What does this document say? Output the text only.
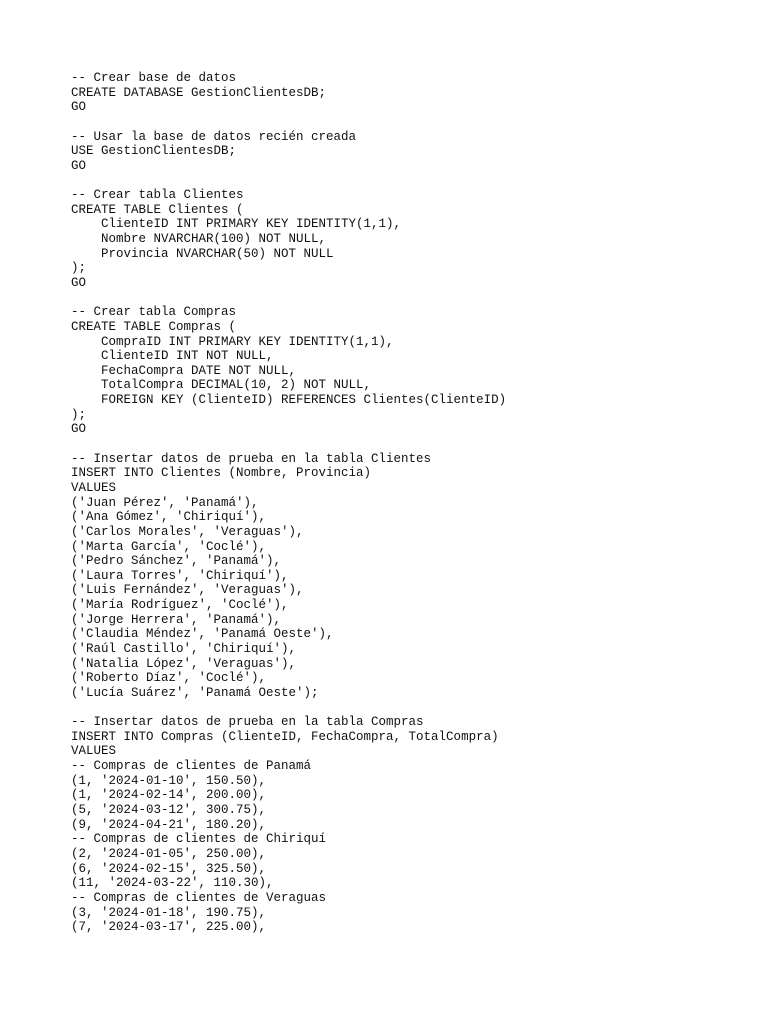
-- Crear base de datos
CREATE DATABASE GestionClientesDB;
GO
-- Usar la base de datos recién creada
USE GestionClientesDB;
GO
-- Crear tabla Clientes
CREATE TABLE Clientes (
ClienteID INT PRIMARY KEY IDENTITY(1,1),
Nombre NVARCHAR(100) NOT NULL,
Provincia NVARCHAR(50) NOT NULL
);
GO
-- Crear tabla Compras
CREATE TABLE Compras (
CompraID INT PRIMARY KEY IDENTITY(1,1),
ClienteID INT NOT NULL,
FechaCompra DATE NOT NULL,
TotalCompra DECIMAL(10, 2) NOT NULL,
FOREIGN KEY (ClienteID) REFERENCES Clientes(ClienteID)
);
GO
-- Insertar datos de prueba en la tabla Clientes
INSERT INTO Clientes (Nombre, Provincia)
VALUES
('Juan Pérez', 'Panamá'),
('Ana Gómez', 'Chiriquí'),
('Carlos Morales', 'Veraguas'),
('Marta García', 'Coclé'),
('Pedro Sánchez', 'Panamá'),
('Laura Torres', 'Chiriquí'),
('Luis Fernández', 'Veraguas'),
('María Rodríguez', 'Coclé'),
('Jorge Herrera', 'Panamá'),
('Claudia Méndez', 'Panamá Oeste'),
('Raúl Castillo', 'Chiriquí'),
('Natalia López', 'Veraguas'),
('Roberto Díaz', 'Coclé'),
('Lucía Suárez', 'Panamá Oeste');
-- Insertar datos de prueba en la tabla Compras
INSERT INTO Compras (ClienteID, FechaCompra, TotalCompra)
VALUES
-- Compras de clientes de Panamá
(1, '2024-01-10', 150.50),
(1, '2024-02-14', 200.00),
(5, '2024-03-12', 300.75),
(9, '2024-04-21', 180.20),
-- Compras de clientes de Chiriquí
(2, '2024-01-05', 250.00),
(6, '2024-02-15', 325.50),
(11, '2024-03-22', 110.30),
-- Compras de clientes de Veraguas
(3, '2024-01-18', 190.75),
(7, '2024-03-17', 225.00),
